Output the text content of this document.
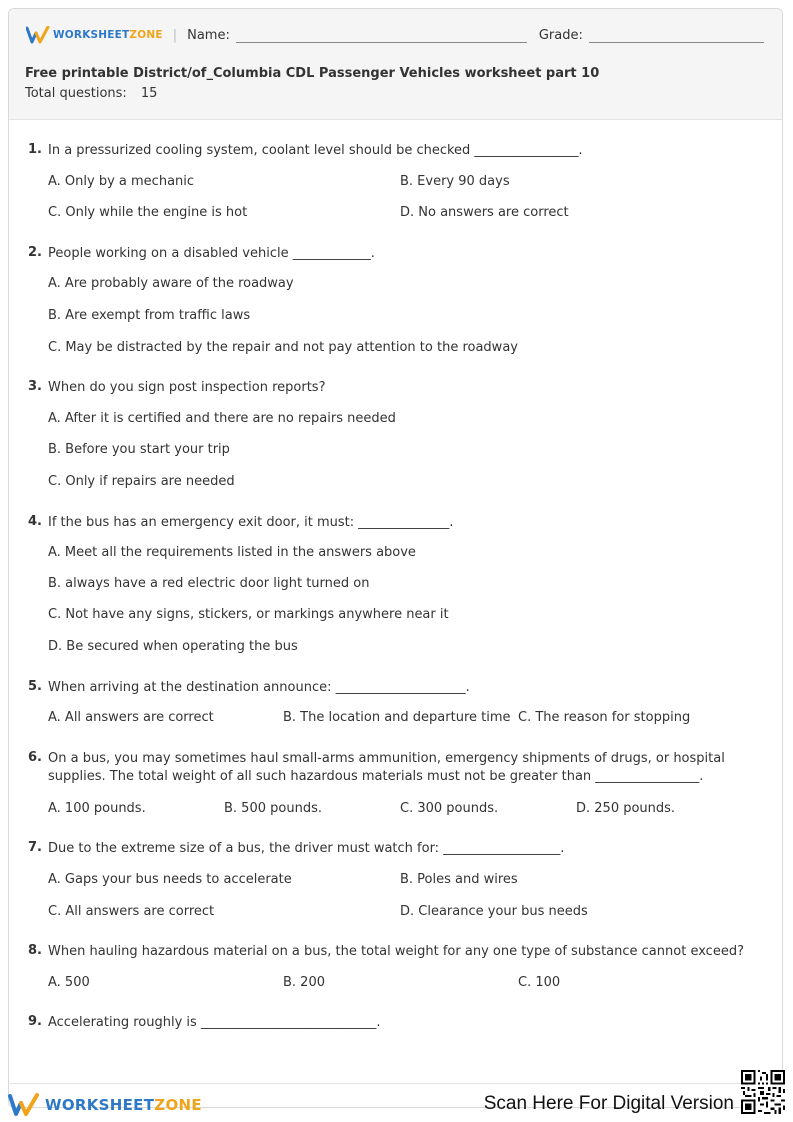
WORKSHEETZONE | Name:	Grade:
Free printable District/of_Columbia CDL Passenger Vehicles worksheet part 10
Total questions: 15
1. In a pressurized cooling system, coolant level should be checked ________________.
A. Only by a mechanic	B. Every 90 days
C. Only while the engine is hot	D. No answers are correct
2. People working on a disabled vehicle ____________.
A. Are probably aware of the roadway
B. Are exempt from traffic laws
C. May be distracted by the repair and not pay attention to the roadway
3. When do you sign post inspection reports?
A. After it is certified and there are no repairs needed
B. Before you start your trip
C. Only if repairs are needed
4. If the bus has an emergency exit door, it must: ______________.
A. Meet all the requirements listed in the answers above
B. always have a red electric door light turned on
C. Not have any signs, stickers, or markings anywhere near it
D. Be secured when operating the bus
5. When arriving at the destination announce: ____________________.
A. All answers are correct	B. The location and departure time C. The reason for stopping
6. On a bus, you may sometimes haul small-arms ammunition, emergency shipments of drugs, or hospital supplies. The total weight of all such hazardous materials must not be greater than ________________.
A. 100 pounds.	B. 500 pounds.	C. 300 pounds.	D. 250 pounds.
7. Due to the extreme size of a bus, the driver must watch for: __________________.
A. Gaps your bus needs to accelerate	B. Poles and wires
C. All answers are correct	D. Clearance your bus needs
8. When hauling hazardous material on a bus, the total weight for any one type of substance cannot exceed?
A. 500	B. 200	C. 100
9. Accelerating roughly is ___________________________.
WORKSHEETZONE	Scan Here For Digital Version
